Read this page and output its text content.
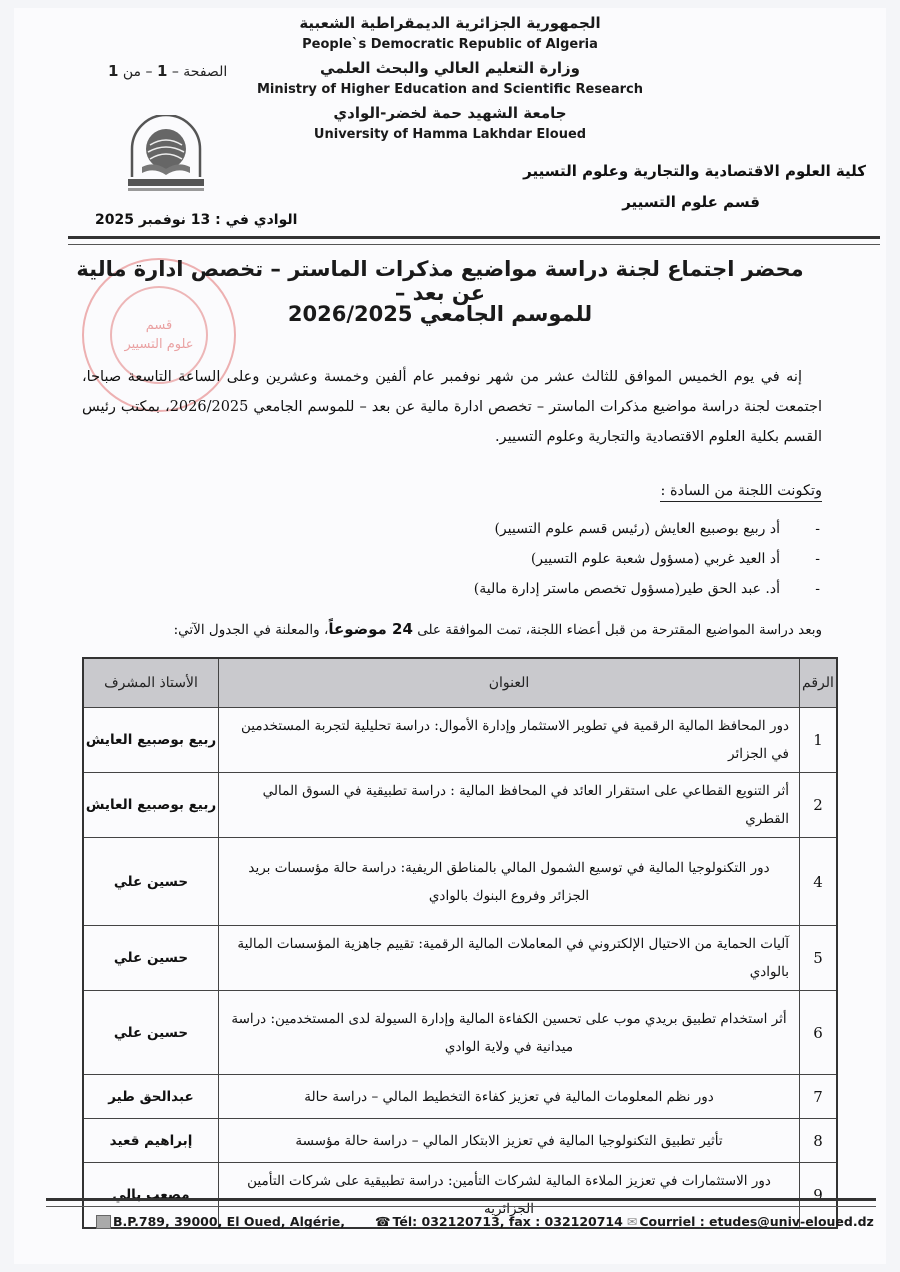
الجمهورية الجزائرية الديمقراطية الشعبية
People`s Democratic Republic of Algeria
وزارة التعليم العالي والبحث العلمي
Ministry of Higher Education and Scientific Research
جامعة الشهيد حمة لخضر-الوادي
University of Hamma Lakhdar Eloued
الصفحة – 1 – من 1
الوادي في : 13 نوفمبر 2025
كلية العلوم الاقتصادية والتجارية وعلوم التسيير
قسم علوم التسيير
قسم
علوم التسيير
محضر اجتماع لجنة دراسة مواضيع مذكرات الماستر – تخصص ادارة مالية عن بعد –
للموسم الجامعي 2026/2025
إنه في يوم الخميس الموافق للثالث عشر من شهر نوفمبر عام ألفين وخمسة وعشرين وعلى الساعة التاسعة صباحا، اجتمعت لجنة دراسة مواضيع مذكرات الماستر – تخصص ادارة مالية عن بعد – للموسم الجامعي 2026/2025، بمكتب رئيس القسم بكلية العلوم الاقتصادية والتجارية وعلوم التسيير.
وتكونت اللجنة من السادة :
-أد ربيع بوصبيع العايش (رئيس قسم علوم التسيير)
-أد العيد غربي (مسؤول شعبة علوم التسيير)
-أد. عبد الحق طير(مسؤول تخصص ماستر إدارة مالية)
وبعد دراسة المواضيع المقترحة من قبل أعضاء اللجنة، تمت الموافقة على 24 موضوعاً، والمعلنة في الجدول الآتي:
الرقم	العنوان	الأستاذ المشرف
1	دور المحافظ المالية الرقمية في تطوير الاستثمار وإدارة الأموال: دراسة تحليلية لتجربة المستخدمين في الجزائر	ربيع بوصبيع العايش
2	أثر التنويع القطاعي على استقرار العائد في المحافظ المالية : دراسة تطبيقية في السوق المالي القطري	ربيع بوصبيع العايش
4	دور التكنولوجيا المالية في توسيع الشمول المالي بالمناطق الريفية: دراسة حالة مؤسسات بريد الجزائر وفروع البنوك بالوادي	حسين علي
5	آليات الحماية من الاحتيال الإلكتروني في المعاملات المالية الرقمية: تقييم جاهزية المؤسسات المالية بالوادي	حسين علي
6	أثر استخدام تطبيق بريدي موب على تحسين الكفاءة المالية وإدارة السيولة لدى المستخدمين: دراسة ميدانية في ولاية الوادي	حسين علي
7	دور نظم المعلومات المالية في تعزيز كفاءة التخطيط المالي – دراسة حالة	عبدالحق طير
8	تأثير تطبيق التكنولوجيا المالية في تعزيز الابتكار المالي – دراسة حالة مؤسسة	إبراهيم قعيد
9	دور الاستثمارات في تعزيز الملاءة المالية لشركات التأمين: دراسة تطبيقية على شركات التأمين الجزائرية	مصعب بالي
B.P.789, 39000, El Oued, Algérie, ☎ Tél: 032120713, fax : 032120714 ✉ Courriel : etudes@univ-eloued.dz
